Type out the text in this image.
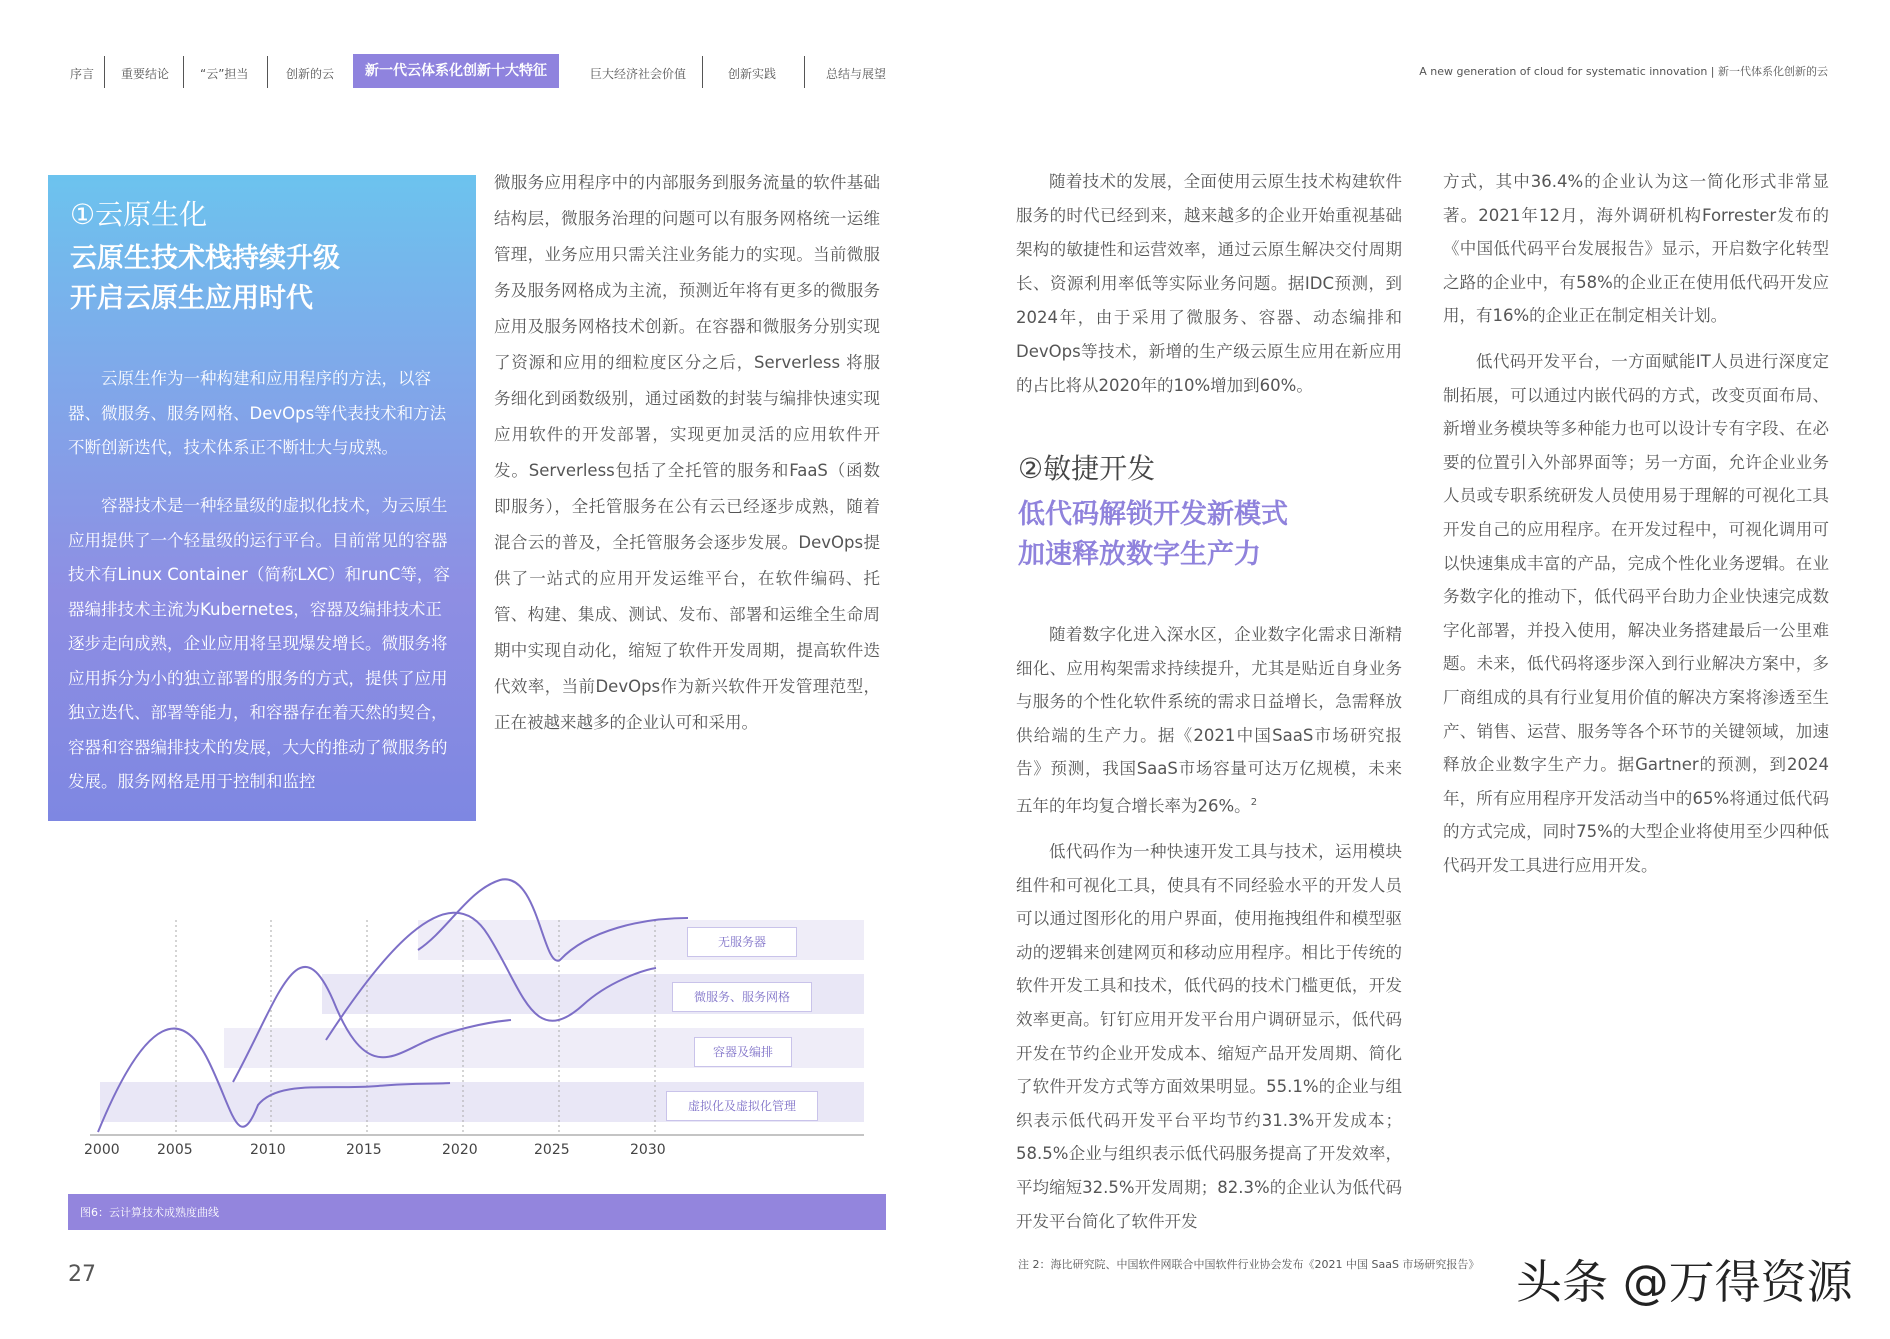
序言 重要结论	“云”担当	创新的云	新一代云体系化创新十大特征	巨大经济社会价值	创新实践	总结与展望	A new generation of cloud for systematic innovation | 新一代体系化创新的云
①云原生化
云原生技术栈持续升级
开启云原生应用时代

云原生作为一种构建和应用程序的方法，以容器、微服务、服务网格、DevOps等代表技术和方法不断创新迭代，技术体系正不断壮大与成熟。

容器技术是一种轻量级的虚拟化技术，为云原生应用提供了一个轻量级的运行平台。目前常见的容器技术有Linux Container（简称LXC）和runC等，容器编排技术主流为Kubernetes，容器及编排技术正逐步走向成熟，企业应用将呈现爆发增长。微服务将应用拆分为小的独立部署的服务的方式，提供了应用独立迭代、部署等能力，和容器存在着天然的契合，容器和容器编排技术的发展，大大的推动了微服务的发展。服务网格是用于控制和监控

微服务应用程序中的内部服务到服务流量的软件基础结构层，微服务治理的问题可以有服务网格统一运维管理，业务应用只需关注业务能力的实现。当前微服务及服务网格成为主流，预测近年将有更多的微服务应用及服务网格技术创新。在容器和微服务分别实现了资源和应用的细粒度区分之后，Serverless 将服务细化到函数级别，通过函数的封装与编排快速实现应用软件的开发部署，实现更加灵活的应用软件开发。Serverless包括了全托管的服务和FaaS（函数即服务），全托管服务在公有云已经逐步成熟，随着混合云的普及，全托管服务会逐步发展。DevOps提供了一站式的应用开发运维平台，在软件编码、托管、构建、集成、测试、发布、部署和运维全生命周期中实现自动化，缩短了软件开发周期，提高软件迭代效率，当前DevOps作为新兴软件开发管理范型，正在被越来越多的企业认可和采用。

随着技术的发展，全面使用云原生技术构建软件服务的时代已经到来，越来越多的企业开始重视基础架构的敏捷性和运营效率，通过云原生解决交付周期长、资源利用率低等实际业务问题。据IDC预测，到2024年，由于采用了微服务、容器、动态编排和DevOps等技术，新增的生产级云原生应用在新应用的占比将从2020年的10%增加到60%。

②敏捷开发
低代码解锁开发新模式
加速释放数字生产力

随着数字化进入深水区，企业数字化需求日渐精细化、应用构架需求持续提升，尤其是贴近自身业务与服务的个性化软件系统的需求日益增长，急需释放供给端的生产力。据《2021中国SaaS市场研究报告》预测，我国SaaS市场容量可达万亿规模，未来五年的年均复合增长率为26%。$^2$

低代码作为一种快速开发工具与技术，运用模块组件和可视化工具，使具有不同经验水平的开发人员可以通过图形化的用户界面，使用拖拽组件和模型驱动的逻辑来创建网页和移动应用程序。相比于传统的软件开发工具和技术，低代码的技术门槛更低，开发效率更高。钉钉应用开发平台用户调研显示，低代码开发在节约企业开发成本、缩短产品开发周期、简化了软件开发方式等方面效果明显。55.1%的企业与组织表示低代码开发平台平均节约31.3%开发成本；58.5%企业与组织表示低代码服务提高了开发效率，平均缩短32.5%开发周期；82.3%的企业认为低代码开发平台简化了软件开发

方式，其中36.4%的企业认为这一简化形式非常显著。2021年12月，海外调研机构Forrester发布的《中国低代码平台发展报告》显示，开启数字化转型之路的企业中，有58%的企业正在使用低代码开发应用，有16%的企业正在制定相关计划。

低代码开发平台，一方面赋能IT人员进行深度定制拓展，可以通过内嵌代码的方式，改变页面布局、新增业务模块等多种能力也可以设计专有字段、在必要的位置引入外部界面等；另一方面，允许企业业务人员或专职系统研发人员使用易于理解的可视化工具开发自己的应用程序。在开发过程中，可视化调用可以快速集成丰富的产品，完成个性化业务逻辑。在业务数字化的推动下，低代码平台助力企业快速完成数字化部署，并投入使用，解决业务搭建最后一公里难题。未来，低代码将逐步深入到行业解决方案中，多厂商组成的具有行业复用价值的解决方案将渗透至生产、销售、运营、服务等各个环节的关键领域，加速释放企业数字生产力。据Gartner的预测，到2024年，所有应用程序开发活动当中的65%将通过低代码的方式完成，同时75%的大型企业将使用至少四种低代码开发工具进行应用开发。

无服务器
微服务、服务网格
容器及编排
虚拟化及虚拟化管理
2000	2005	2010	2015	2020	2025	2030
图6：云计算技术成熟度曲线
27	注 2：海比研究院、中国软件网联合中国软件行业协会发布《2021 中国 SaaS 市场研究报告》 头条 @万得资源
